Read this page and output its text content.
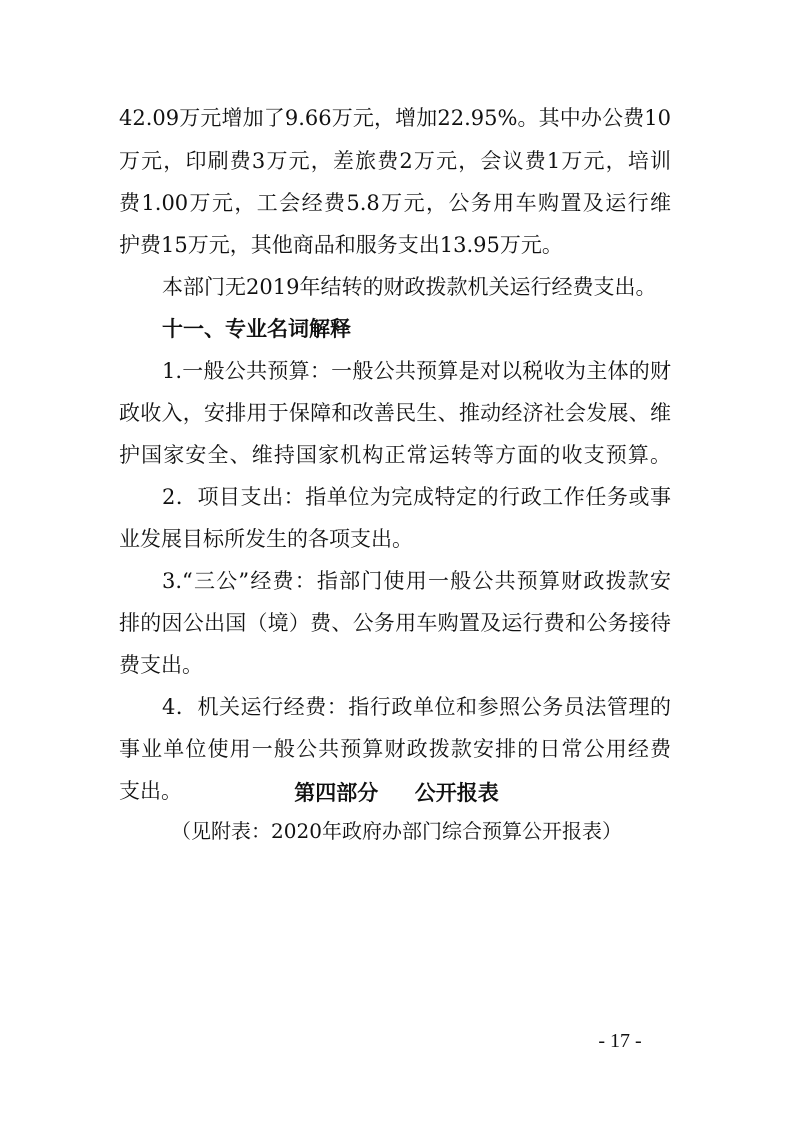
42.09万元增加了9.66万元，增加22.95%。其中办公费10
万元，印刷费3万元，差旅费2万元，会议费1万元，培训
费1.00万元，工会经费5.8万元，公务用车购置及运行维
护费15万元，其他商品和服务支出13.95万元。
本部门无2019年结转的财政拨款机关运行经费支出。
十一、专业名词解释
1.一般公共预算：一般公共预算是对以税收为主体的财
政收入，安排用于保障和改善民生、推动经济社会发展、维
护国家安全、维持国家机构正常运转等方面的收支预算。
2．项目支出：指单位为完成特定的行政工作任务或事
业发展目标所发生的各项支出。
3.“三公”经费：指部门使用一般公共预算财政拨款安
排的因公出国（境）费、公务用车购置及运行费和公务接待
费支出。
4．机关运行经费：指行政单位和参照公务员法管理的
事业单位使用一般公共预算财政拨款安排的日常公用经费
支出。	第四部分     公开报表
（见附表：2020年政府办部门综合预算公开报表）
- 17 -
